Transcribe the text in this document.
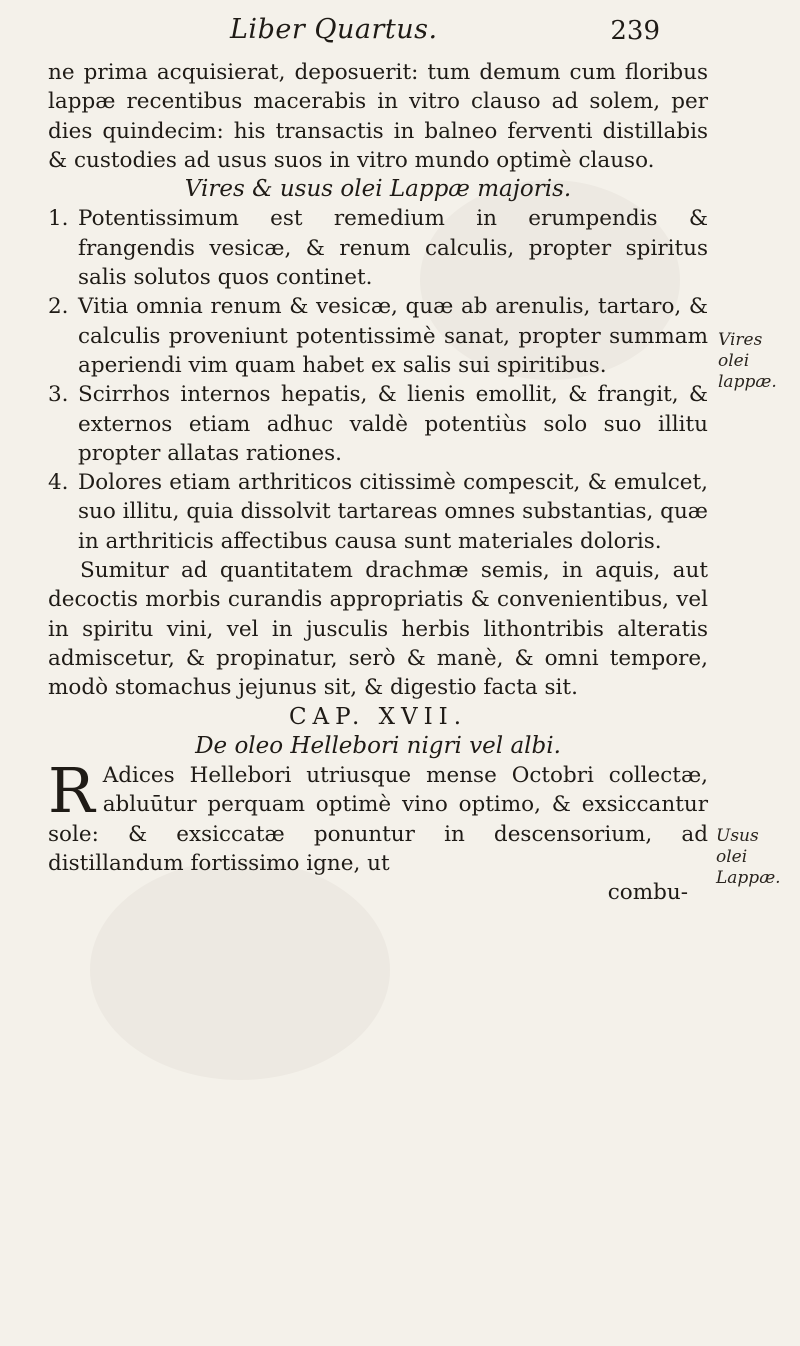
Liber Quartus.	239

ne prima acquisierat, deposuerit: tum demum cum floribus lappæ recentibus macerabis in vitro clauso ad solem, per dies quindecim: his transactis in balneo ferventi distillabis & custodies ad usus suos in vitro mundo optimè clauso.

Vires & usus olei Lappæ majoris.

1. Potentissimum est remedium in erumpendis & frangendis vesicæ, & renum calculis, propter spiritus salis solutos quos continet.
2. Vitia omnia renum & vesicæ, quæ ab arenulis, tartaro, & calculis proveniunt potentissimè sanat, propter summam aperiendi vim quam habet ex salis sui spiritibus.
3. Scirrhos internos hepatis, & lienis emollit, & frangit, & externos etiam adhuc valdè potentiùs solo suo illitu propter allatas rationes.
4. Dolores etiam arthriticos citissimè compescit, & emulcet, suo illitu, quia dissolvit tartareas omnes substantias, quæ in arthriticis affectibus causa sunt materiales doloris.

Sumitur ad quantitatem drachmæ semis, in aquis, aut decoctis morbis curandis appropriatis & convenientibus, vel in spiritu vini, vel in jusculis herbis lithontribis alteratis admiscetur, & propinatur, serò & manè, & omni tempore, modò stomachus jejunus sit, & digestio facta sit.

CAP. XVII.

De oleo Hellebori nigri vel albi.

R Adices Hellebori utriusque mense Octobri collectæ, abluūtur perquam optimè vino optimo, & exsiccantur sole: & exsiccatæ ponuntur in descensorium, ad distillandum fortissimo igne, ut

combu-

Vires olei lappæ.
Usus olei Lappæ.
